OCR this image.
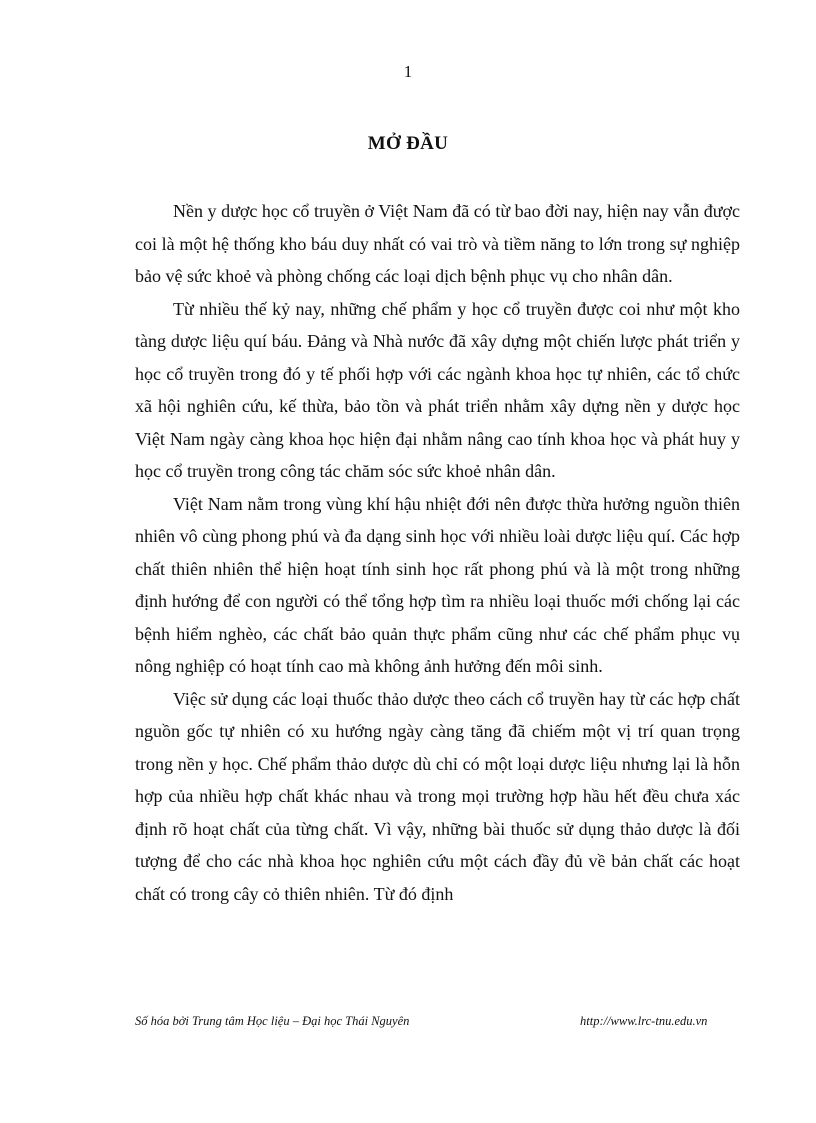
1
MỞ ĐẦU

Nền y dược học cổ truyền ở Việt Nam đã có từ bao đời nay, hiện nay vẫn được coi là một hệ thống kho báu duy nhất có vai trò và tiềm năng to lớn trong sự nghiệp bảo vệ sức khoẻ và phòng chống các loại dịch bệnh phục vụ cho nhân dân.

Từ nhiều thế kỷ nay, những chế phẩm y học cổ truyền được coi như một kho tàng dược liệu quí báu. Đảng và Nhà nước đã xây dựng một chiến lược phát triển y học cổ truyền trong đó y tế phối hợp với các ngành khoa học tự nhiên, các tổ chức xã hội nghiên cứu, kế thừa, bảo tồn và phát triển nhằm xây dựng nền y dược học Việt Nam ngày càng khoa học hiện đại nhằm nâng cao tính khoa học và phát huy y học cổ truyền trong công tác chăm sóc sức khoẻ nhân dân.

Việt Nam nằm trong vùng khí hậu nhiệt đới nên được thừa hưởng nguồn thiên nhiên vô cùng phong phú và đa dạng sinh học với nhiều loài dược liệu quí. Các hợp chất thiên nhiên thể hiện hoạt tính sinh học rất phong phú và là một trong những định hướng để con người có thể tổng hợp tìm ra nhiều loại thuốc mới chống lại các bệnh hiểm nghèo, các chất bảo quản thực phẩm cũng như các chế phẩm phục vụ nông nghiệp có hoạt tính cao mà không ảnh hưởng đến môi sinh.

Việc sử dụng các loại thuốc thảo dược theo cách cổ truyền hay từ các hợp chất nguồn gốc tự nhiên có xu hướng ngày càng tăng đã chiếm một vị trí quan trọng trong nền y học. Chế phẩm thảo dược dù chỉ có một loại dược liệu nhưng lại là hỗn hợp của nhiều hợp chất khác nhau và trong mọi trường hợp hầu hết đều chưa xác định rõ hoạt chất của từng chất. Vì vậy, những bài thuốc sử dụng thảo dược là đối tượng để cho các nhà khoa học nghiên cứu một cách đầy đủ về bản chất các hoạt chất có trong cây cỏ thiên nhiên. Từ đó định

Số hóa bởi Trung tâm Học liệu – Đại học Thái Nguyên	http://www.lrc-tnu.edu.vn
